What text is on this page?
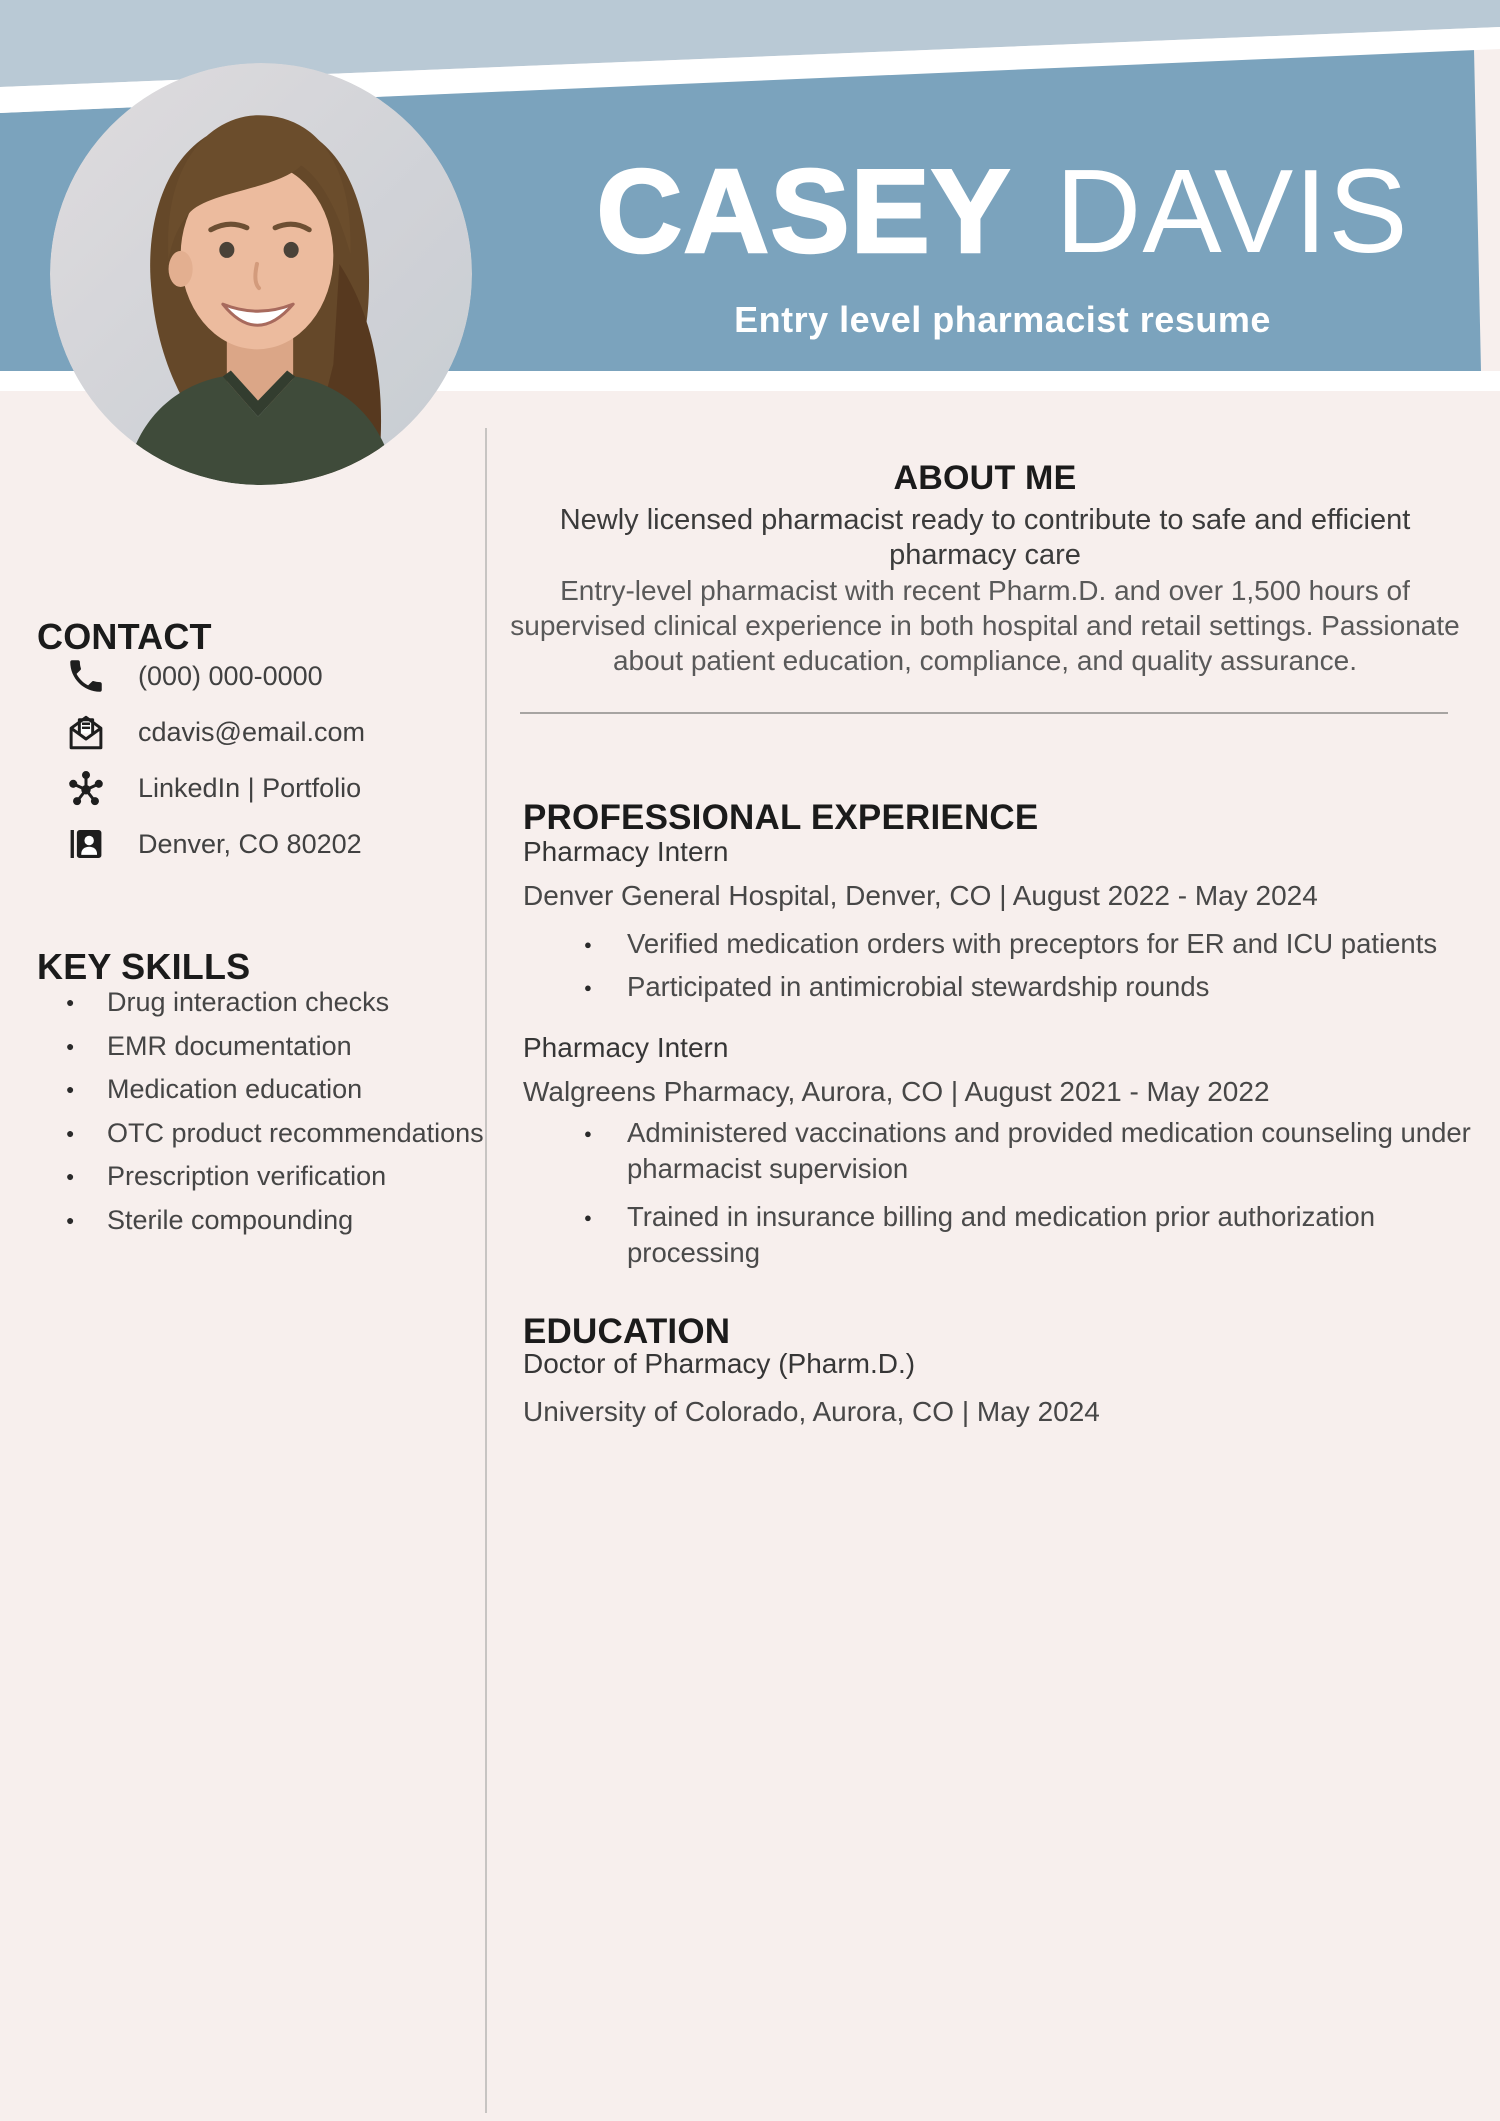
CASEY DAVIS
Entry level pharmacist resume
CONTACT
(000) 000-0000
cdavis@email.com
LinkedIn | Portfolio
Denver, CO 80202
KEY SKILLS
● Drug interaction checks
● EMR documentation
● Medication education
● OTC product recommendations
● Prescription verification
● Sterile compounding
ABOUT ME

Newly licensed pharmacist ready to contribute to safe and efficient pharmacy care

Entry-level pharmacist with recent Pharm.D. and over 1,500 hours of supervised clinical experience in both hospital and retail settings. Passionate about patient education, compliance, and quality assurance.

PROFESSIONAL EXPERIENCE
Pharmacy Intern
Denver General Hospital, Denver, CO | August 2022 - May 2024
● Verified medication orders with preceptors for ER and ICU patients
● Participated in antimicrobial stewardship rounds
Pharmacy Intern
Walgreens Pharmacy, Aurora, CO | August 2021 - May 2022
● Administered vaccinations and provided medication counseling under pharmacist supervision
● Trained in insurance billing and medication prior authorization processing
EDUCATION
Doctor of Pharmacy (Pharm.D.)
University of Colorado, Aurora, CO | May 2024
